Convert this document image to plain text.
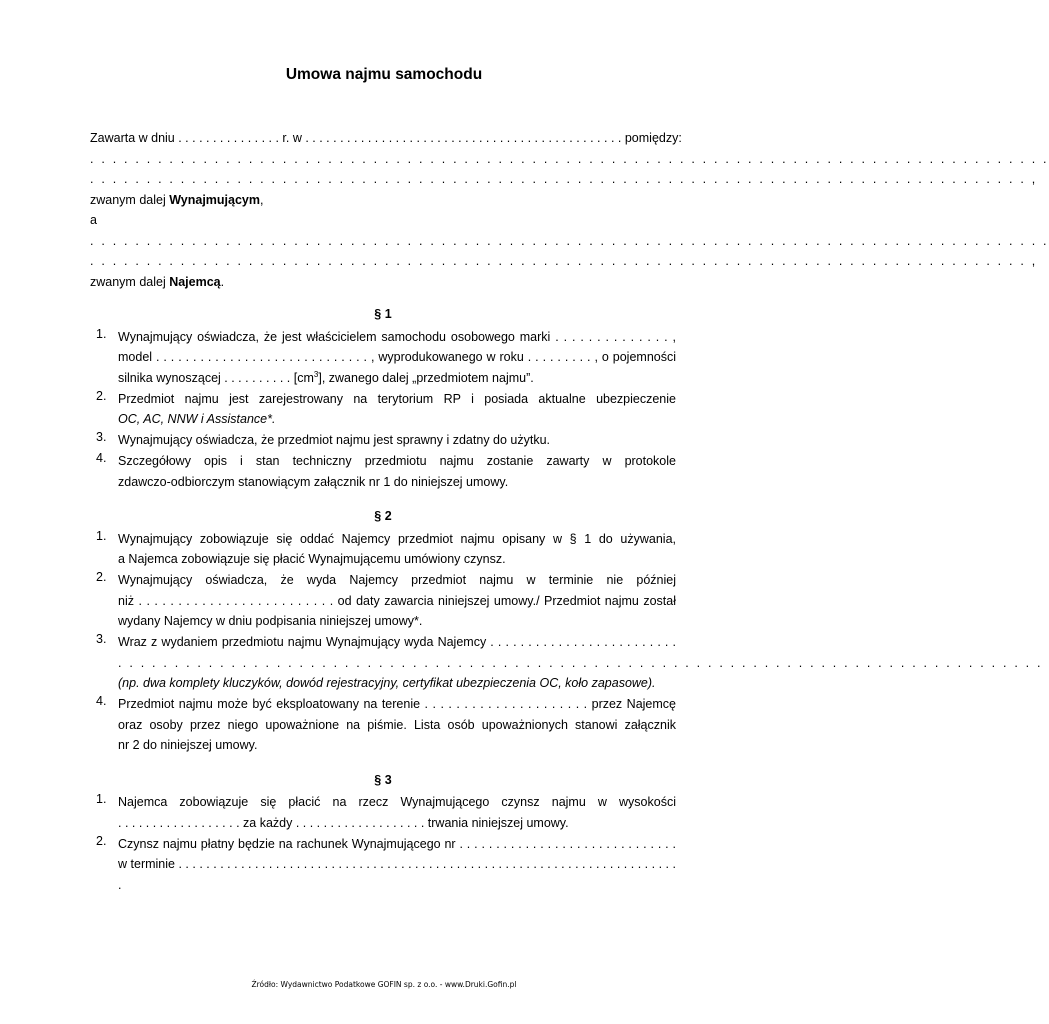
Umowa najmu samochodu
Zawarta w dniu . . . . . . . . . . . . . . . r. w . . . . . . . . . . . . . . . . . . . . . . . . . . . . . . . . . . . . . . . . . . . . . . pomiędzy:
. . . . . . . . . . . . . . . . . . . . . . . . . . . . . . . . . . . . . . . . . . . . . . . . . . . . . . . . . . . . . . . . . . . . . . . . . . . . . . . . . . . . .
. . . . . . . . . . . . . . . . . . . . . . . . . . . . . . . . . . . . . . . . . . . . . . . . . . . . . . . . . . . . . . . . . . . . . . . . . . . . . . . . . . . ,
zwanym dalej Wynajmującym,
a
. . . . . . . . . . . . . . . . . . . . . . . . . . . . . . . . . . . . . . . . . . . . . . . . . . . . . . . . . . . . . . . . . . . . . . . . . . . . . . . . . . . . .
. . . . . . . . . . . . . . . . . . . . . . . . . . . . . . . . . . . . . . . . . . . . . . . . . . . . . . . . . . . . . . . . . . . . . . . . . . . . . . . . . . . ,
zwanym dalej Najemcą.
§ 1
1. Wynajmujący oświadcza, że jest właścicielem samochodu osobowego marki . . . . . . . . . . . . . . ,
model . . . . . . . . . . . . . . . . . . . . . . . . . . . . . , wyprodukowanego w roku . . . . . . . . . , o pojemności
silnika wynoszącej . . . . . . . . . . $[cm^3]$, zwanego dalej „przedmiotem najmu”.
2. Przedmiot najmu jest zarejestrowany na terytorium RP i posiada aktualne ubezpieczenie
OC, AC, NNW i Assistance*.
3. Wynajmujący oświadcza, że przedmiot najmu jest sprawny i zdatny do użytku.
4. Szczegółowy opis i stan techniczny przedmiotu najmu zostanie zawarty w protokole
zdawczo-odbiorczym stanowiącym załącznik nr 1 do niniejszej umowy.
§ 2
1. Wynajmujący zobowiązuje się oddać Najemcy przedmiot najmu opisany w § 1 do używania,
a Najemca zobowiązuje się płacić Wynajmującemu umówiony czynsz.
2. Wynajmujący oświadcza, że wyda Najemcy przedmiot najmu w terminie nie później
niż . . . . . . . . . . . . . . . . . . . . . . . . . od daty zawarcia niniejszej umowy./ Przedmiot najmu został
wydany Najemcy w dniu podpisania niniejszej umowy*.
3. Wraz z wydaniem przedmiotu najmu Wynajmujący wyda Najemcy . . . . . . . . . . . . . . . . . . . . . . . . .
. . . . . . . . . . . . . . . . . . . . . . . . . . . . . . . . . . . . . . . . . . . . . . . . . . . . . . . . . . . . . . . . . . . . . . . . . . . . . . . . . .
(np. dwa komplety kluczyków, dowód rejestracyjny, certyfikat ubezpieczenia OC, koło zapasowe).
4. Przedmiot najmu może być eksploatowany na terenie . . . . . . . . . . . . . . . . . . . . . przez Najemcę
oraz osoby przez niego upoważnione na piśmie. Lista osób upoważnionych stanowi załącznik
nr 2 do niniejszej umowy.
§ 3
1. Najemca zobowiązuje się płacić na rzecz Wynajmującego czynsz najmu w wysokości
. . . . . . . . . . . . . . . . . . za każdy . . . . . . . . . . . . . . . . . . . trwania niniejszej umowy.
2. Czynsz najmu płatny będzie na rachunek Wynajmującego nr . . . . . . . . . . . . . . . . . . . . . . . . . . . . . .
w terminie . . . . . . . . . . . . . . . . . . . . . . . . . . . . . . . . . . . . . . . . . . . . . . . . . . . . . . . . . . . . . . . . . . . . . . . . .
Źródło: Wydawnictwo Podatkowe GOFIN sp. z o.o. - www.Druki.Gofin.pl
